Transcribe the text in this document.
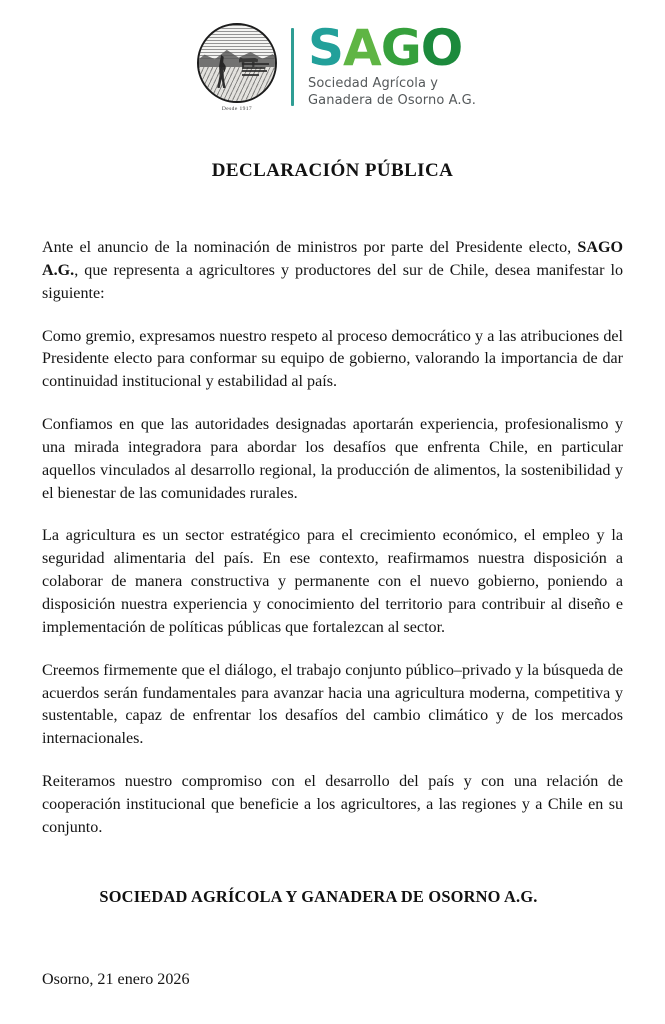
Desde 1917
S A G O
Sociedad Agrícola y
Ganadera de Osorno A.G.
DECLARACIÓN PÚBLICA

Ante el anuncio de la nominación de ministros por parte del Presidente electo, SAGO A.G., que representa a agricultores y productores del sur de Chile, desea manifestar lo siguiente:

Como gremio, expresamos nuestro respeto al proceso democrático y a las atribuciones del Presidente electo para conformar su equipo de gobierno, valorando la importancia de dar continuidad institucional y estabilidad al país.

Confiamos en que las autoridades designadas aportarán experiencia, profesionalismo y una mirada integradora para abordar los desafíos que enfrenta Chile, en particular aquellos vinculados al desarrollo regional, la producción de alimentos, la sostenibilidad y el bienestar de las comunidades rurales.

La agricultura es un sector estratégico para el crecimiento económico, el empleo y la seguridad alimentaria del país. En ese contexto, reafirmamos nuestra disposición a colaborar de manera constructiva y permanente con el nuevo gobierno, poniendo a disposición nuestra experiencia y conocimiento del territorio para contribuir al diseño e implementación de políticas públicas que fortalezcan al sector.

Creemos firmemente que el diálogo, el trabajo conjunto público–privado y la búsqueda de acuerdos serán fundamentales para avanzar hacia una agricultura moderna, competitiva y sustentable, capaz de enfrentar los desafíos del cambio climático y de los mercados internacionales.

Reiteramos nuestro compromiso con el desarrollo del país y con una relación de cooperación institucional que beneficie a los agricultores, a las regiones y a Chile en su conjunto.

SOCIEDAD AGRÍCOLA Y GANADERA DE OSORNO A.G.
Osorno, 21 enero 2026
